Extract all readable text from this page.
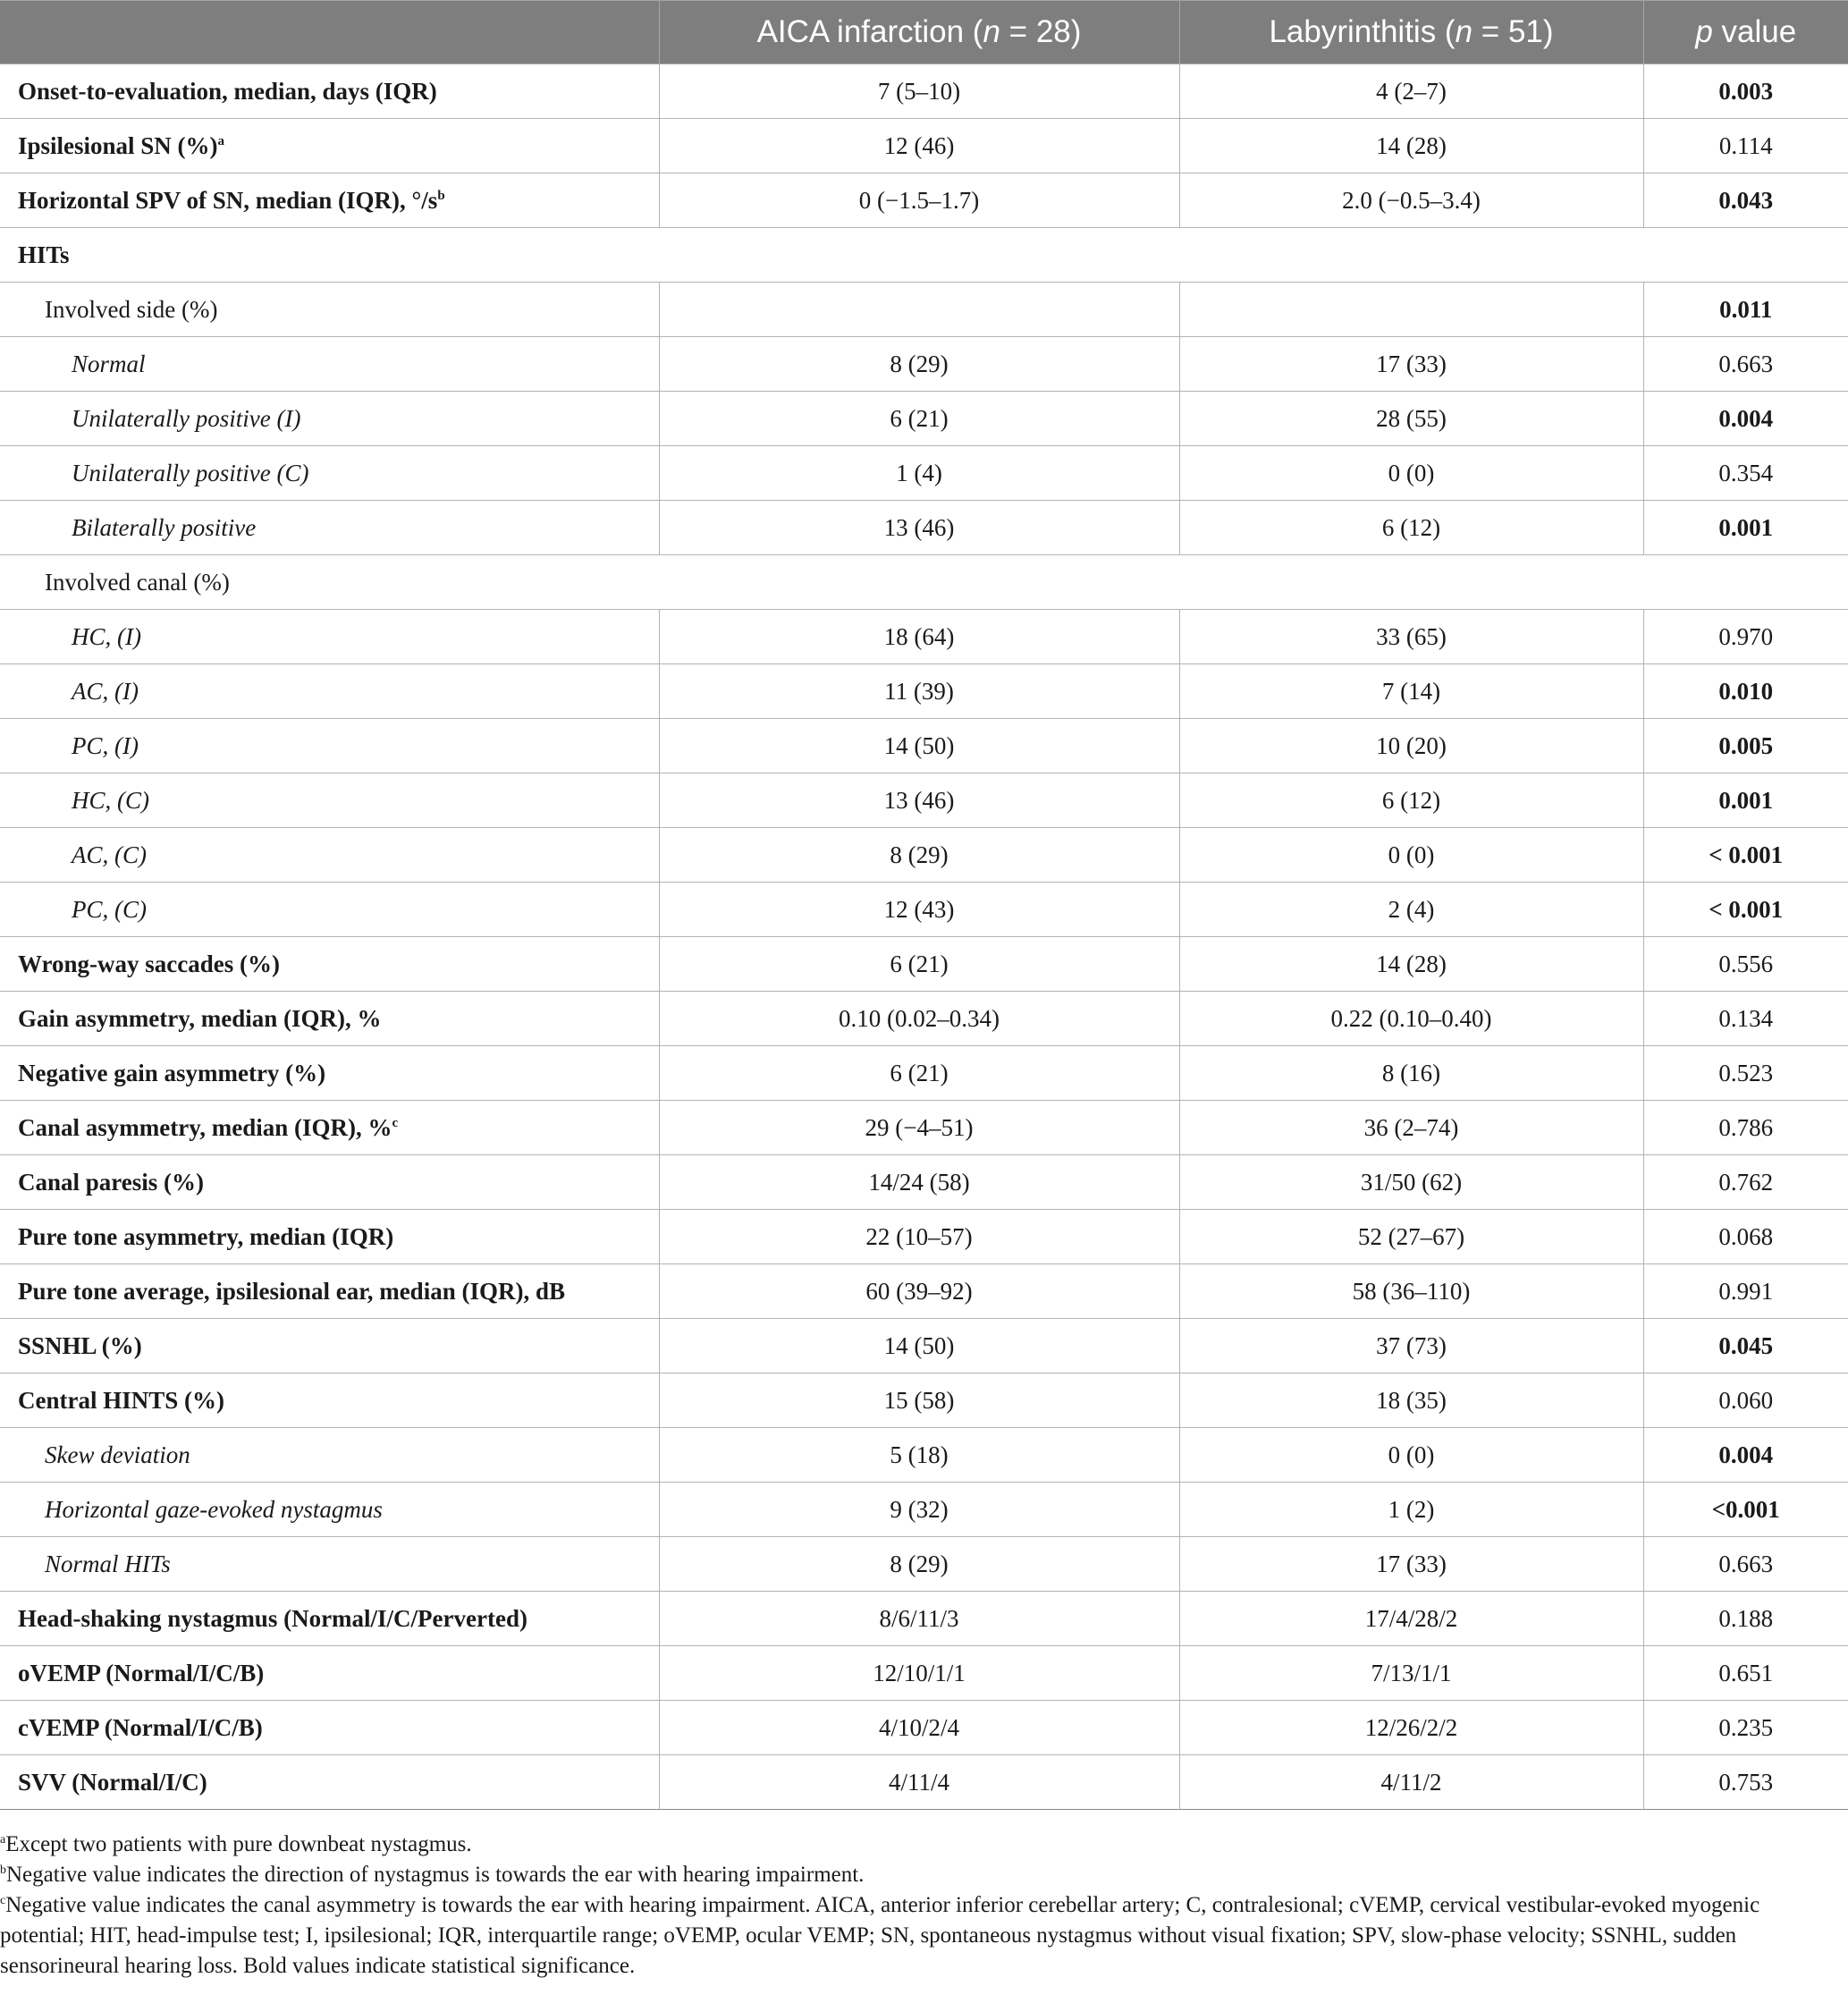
	AICA infarction (n = 28)	Labyrinthitis (n = 51)	p value
Onset-to-evaluation, median, days (IQR)	7 (5–10)	4 (2–7)	0.003
Ipsilesional SN (%)$^a$	12 (46)	14 (28)	0.114
Horizontal SPV of SN, median (IQR), $^\circ/s^b$	0 (−1.5–1.7)	2.0 (−0.5–3.4)	0.043
HITs			
Involved side (%)			0.011
Normal	8 (29)	17 (33)	0.663
Unilaterally positive (I)	6 (21)	28 (55)	0.004
Unilaterally positive (C)	1 (4)	0 (0)	0.354
Bilaterally positive	13 (46)	6 (12)	0.001
Involved canal (%)			
HC, (I)	18 (64)	33 (65)	0.970
AC, (I)	11 (39)	7 (14)	0.010
PC, (I)	14 (50)	10 (20)	0.005
HC, (C)	13 (46)	6 (12)	0.001
AC, (C)	8 (29)	0 (0)	< 0.001
PC, (C)	12 (43)	2 (4)	< 0.001
Wrong-way saccades (%)	6 (21)	14 (28)	0.556
Gain asymmetry, median (IQR), %	0.10 (0.02–0.34)	0.22 (0.10–0.40)	0.134
Negative gain asymmetry (%)	6 (21)	8 (16)	0.523
Canal asymmetry, median (IQR), %$^c$	29 (−4–51)	36 (2–74)	0.786
Canal paresis (%)	14/24 (58)	31/50 (62)	0.762
Pure tone asymmetry, median (IQR)	22 (10–57)	52 (27–67)	0.068
Pure tone average, ipsilesional ear, median (IQR), dB	60 (39–92)	58 (36–110)	0.991
SSNHL (%)	14 (50)	37 (73)	0.045
Central HINTS (%)	15 (58)	18 (35)	0.060
Skew deviation	5 (18)	0 (0)	0.004
Horizontal gaze-evoked nystagmus	9 (32)	1 (2)	<0.001
Normal HITs	8 (29)	17 (33)	0.663
Head-shaking nystagmus (Normal/I/C/Perverted)	8/6/11/3	17/4/28/2	0.188
oVEMP (Normal/I/C/B)	12/10/1/1	7/13/1/1	0.651
cVEMP (Normal/I/C/B)	4/10/2/4	12/26/2/2	0.235
SVV (Normal/I/C)	4/11/4	4/11/2	0.753

$^a$Except two patients with pure downbeat nystagmus.

$^b$Negative value indicates the direction of nystagmus is towards the ear with hearing impairment.

$^c$Negative value indicates the canal asymmetry is towards the ear with hearing impairment. AICA, anterior inferior cerebellar artery; C, contralesional; cVEMP, cervical vestibular-evoked myogenic potential; HIT, head-impulse test; I, ipsilesional; IQR, interquartile range; oVEMP, ocular VEMP; SN, spontaneous nystagmus without visual fixation; SPV, slow-phase velocity; SSNHL, sudden sensorineural hearing loss. Bold values indicate statistical significance.
